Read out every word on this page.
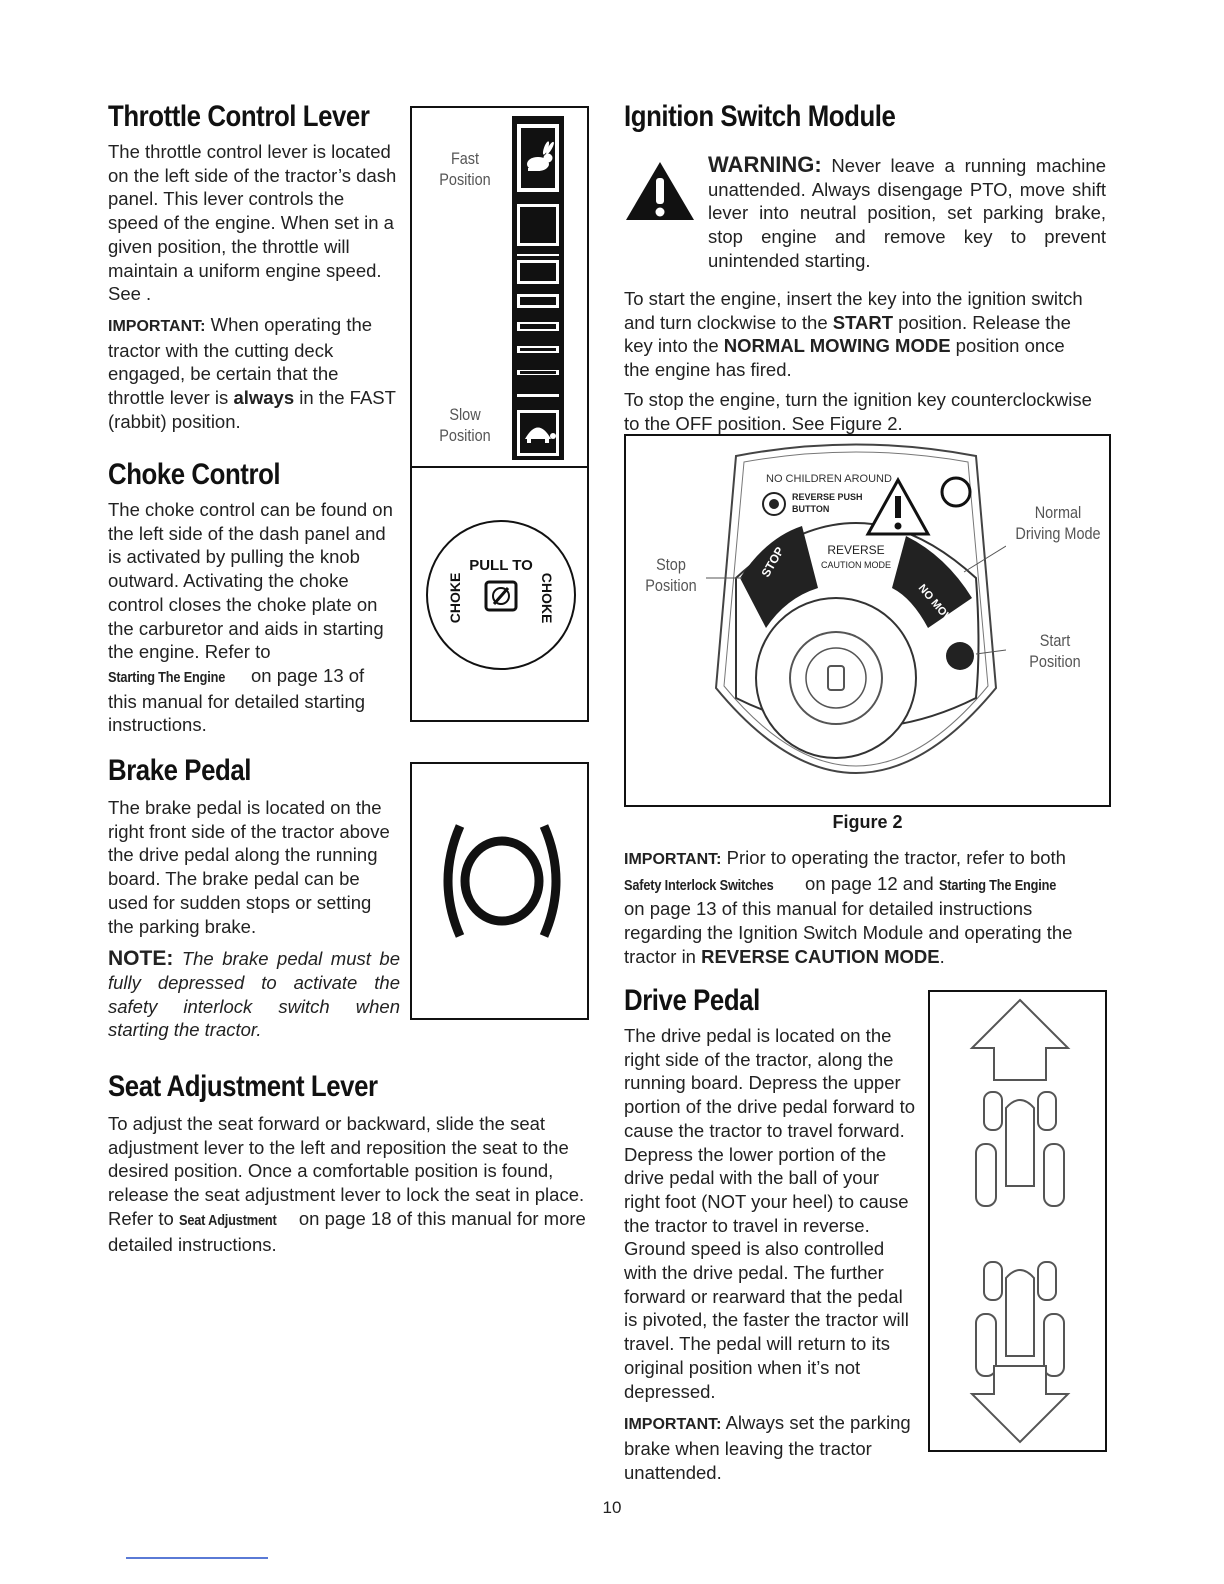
Throttle Control Lever

The throttle control lever is located on the left side of the tractor’s dash panel. This lever controls the speed of the engine. When set in a given position, the throttle will maintain a uniform engine speed. See .

IMPORTANT: When operating the tractor with the cutting deck engaged, be certain that the throttle lever is always in the FAST (rabbit) position.

Fast
Position
Slow
Position
Choke Control

The choke control can be found on the left side of the dash panel and is activated by pulling the knob outward. Activating the choke control closes the choke plate on the carburetor and aids in starting the engine. Refer to Starting The Engine on page 13 of this manual for detailed starting instructions.

PULL TO
CHOKE	CHOKE
Brake Pedal

The brake pedal is located on the right front side of the tractor above the drive pedal along the running board. The brake pedal can be used for sudden stops or setting the parking brake.

NOTE: The brake pedal must be fully depressed to activate the safety interlock switch when starting the tractor.

Seat Adjustment Lever

To adjust the seat forward or backward, slide the seat adjustment lever to the left and reposition the seat to the desired position. Once a comfortable position is found, release the seat adjustment lever to lock the seat in place. Refer to Seat Adjustment on page 18 of this manual for more detailed instructions.

Ignition Switch Module
WARNING: Never leave a running machine unattended. Always disengage PTO, move shift lever into neutral position, set parking brake, stop engine and remove key to prevent unintended starting.

To start the engine, insert the key into the ignition switch and turn clockwise to the START position. Release the key into the NORMAL MOWING MODE position once the engine has fired.

To stop the engine, turn the ignition key counterclockwise to the OFF position. See Figure 2.

NO CHILDREN AROUND
REVERSE PUSH
BUTTON
STOP	REVERSE
CAUTION MODE
NO MOWING
Stop
Position
Normal
Driving Mode
Start
Position
Figure 2

IMPORTANT: Prior to operating the tractor, refer to both Safety Interlock Switches on page 12 and Starting The Engine on page 13 of this manual for detailed instructions regarding the Ignition Switch Module and operating the tractor in REVERSE CAUTION MODE.

Drive Pedal

The drive pedal is located on the right side of the tractor, along the running board. Depress the upper portion of the drive pedal forward to cause the tractor to travel forward. Depress the lower portion of the drive pedal with the ball of your right foot (NOT your heel) to cause the tractor to travel in reverse. Ground speed is also controlled with the drive pedal. The further forward or rearward that the pedal is pivoted, the faster the tractor will travel. The pedal will return to its original position when it’s not depressed.

IMPORTANT: Always set the parking brake when leaving the tractor unattended.

10
